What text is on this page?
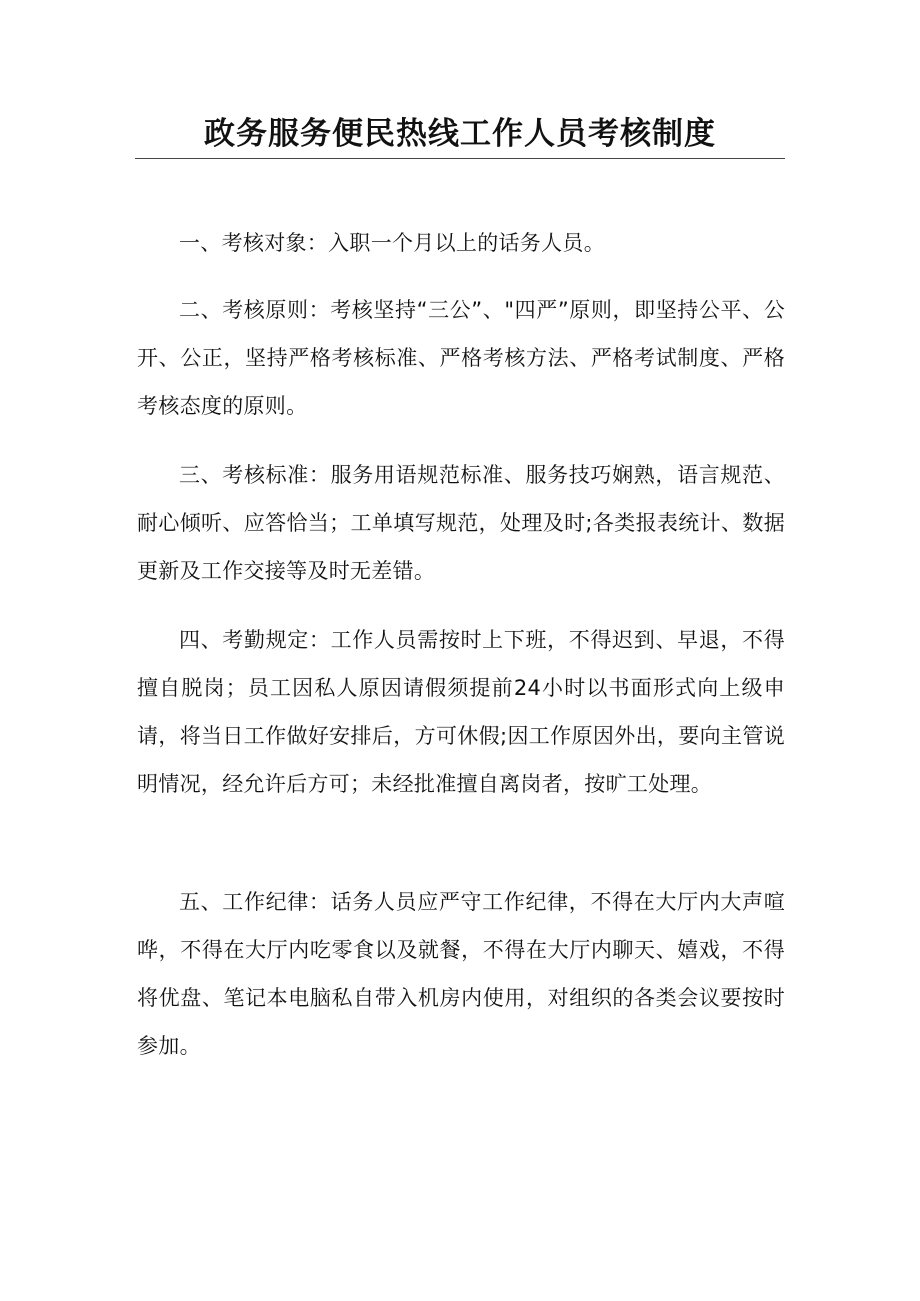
政务服务便民热线工作人员考核制度

一、考核对象：入职一个月以上的话务人员。

二、考核原则：考核坚持“三公”、"四严”原则，即坚持公平、公开、公正，坚持严格考核标准、严格考核方法、严格考试制度、严格考核态度的原则。

三、考核标准：服务用语规范标准、服务技巧娴熟，语言规范、耐心倾听、应答恰当；工单填写规范，处理及时;各类报表统计、数据更新及工作交接等及时无差错。

四、考勤规定：工作人员需按时上下班，不得迟到、早退，不得擅自脱岗；员工因私人原因请假须提前24小时以书面形式向上级申请，将当日工作做好安排后，方可休假;因工作原因外出，要向主管说明情况，经允许后方可；未经批准擅自离岗者，按旷工处理。

五、工作纪律：话务人员应严守工作纪律，不得在大厅内大声喧哗，不得在大厅内吃零食以及就餐，不得在大厅内聊天、嬉戏，不得将优盘、笔记本电脑私自带入机房内使用，对组织的各类会议要按时参加。
